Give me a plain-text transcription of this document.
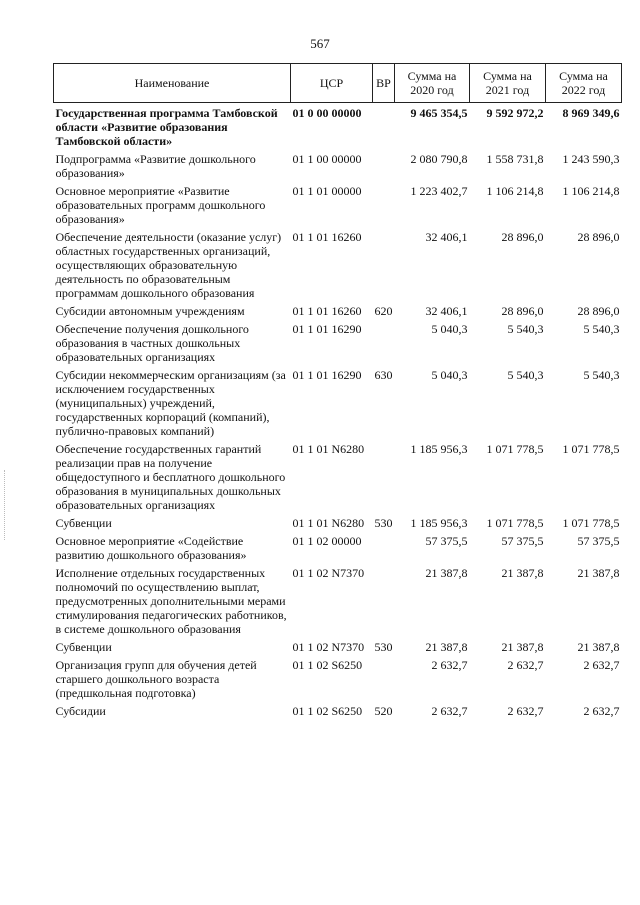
567
Наименование	ЦСР	ВР	Сумма на 2020 год	Сумма на 2021 год	Сумма на 2022 год
Государственная программа Тамбовской области «Развитие образования Тамбовской области»	01 0 00 00000		9 465 354,5	9 592 972,2	8 969 349,6
Подпрограмма «Развитие дошкольного образования»	01 1 00 00000		2 080 790,8	1 558 731,8	1 243 590,3
Основное мероприятие «Развитие образовательных программ дошкольного образования»	01 1 01 00000		1 223 402,7	1 106 214,8	1 106 214,8
Обеспечение деятельности (оказание услуг) областных государственных организаций, осуществляющих образовательную деятельность по образовательным программам дошкольного образования	01 1 01 16260		32 406,1	28 896,0	28 896,0
Субсидии автономным учреждениям	01 1 01 16260	620	32 406,1	28 896,0	28 896,0
Обеспечение получения дошкольного образования в частных дошкольных образовательных организациях	01 1 01 16290		5 040,3	5 540,3	5 540,3
Субсидии некоммерческим организациям (за исключением государственных (муниципальных) учреждений, государственных корпораций (компаний), публично-правовых компаний)	01 1 01 16290	630	5 040,3	5 540,3	5 540,3
Обеспечение государственных гарантий реализации прав на получение общедоступного и бесплатного дошкольного образования в муниципальных дошкольных образовательных организациях	01 1 01 N6280		1 185 956,3	1 071 778,5	1 071 778,5
Субвенции	01 1 01 N6280	530	1 185 956,3	1 071 778,5	1 071 778,5
Основное мероприятие «Содействие развитию дошкольного образования»	01 1 02 00000		57 375,5	57 375,5	57 375,5
Исполнение отдельных государственных полномочий по осуществлению выплат, предусмотренных дополнительными мерами стимулирования педагогических работников, в системе дошкольного образования	01 1 02 N7370		21 387,8	21 387,8	21 387,8
Субвенции	01 1 02 N7370	530	21 387,8	21 387,8	21 387,8
Организация групп для обучения детей старшего дошкольного возраста (предшкольная подготовка)	01 1 02 S6250		2 632,7	2 632,7	2 632,7
Субсидии	01 1 02 S6250	520	2 632,7	2 632,7	2 632,7
